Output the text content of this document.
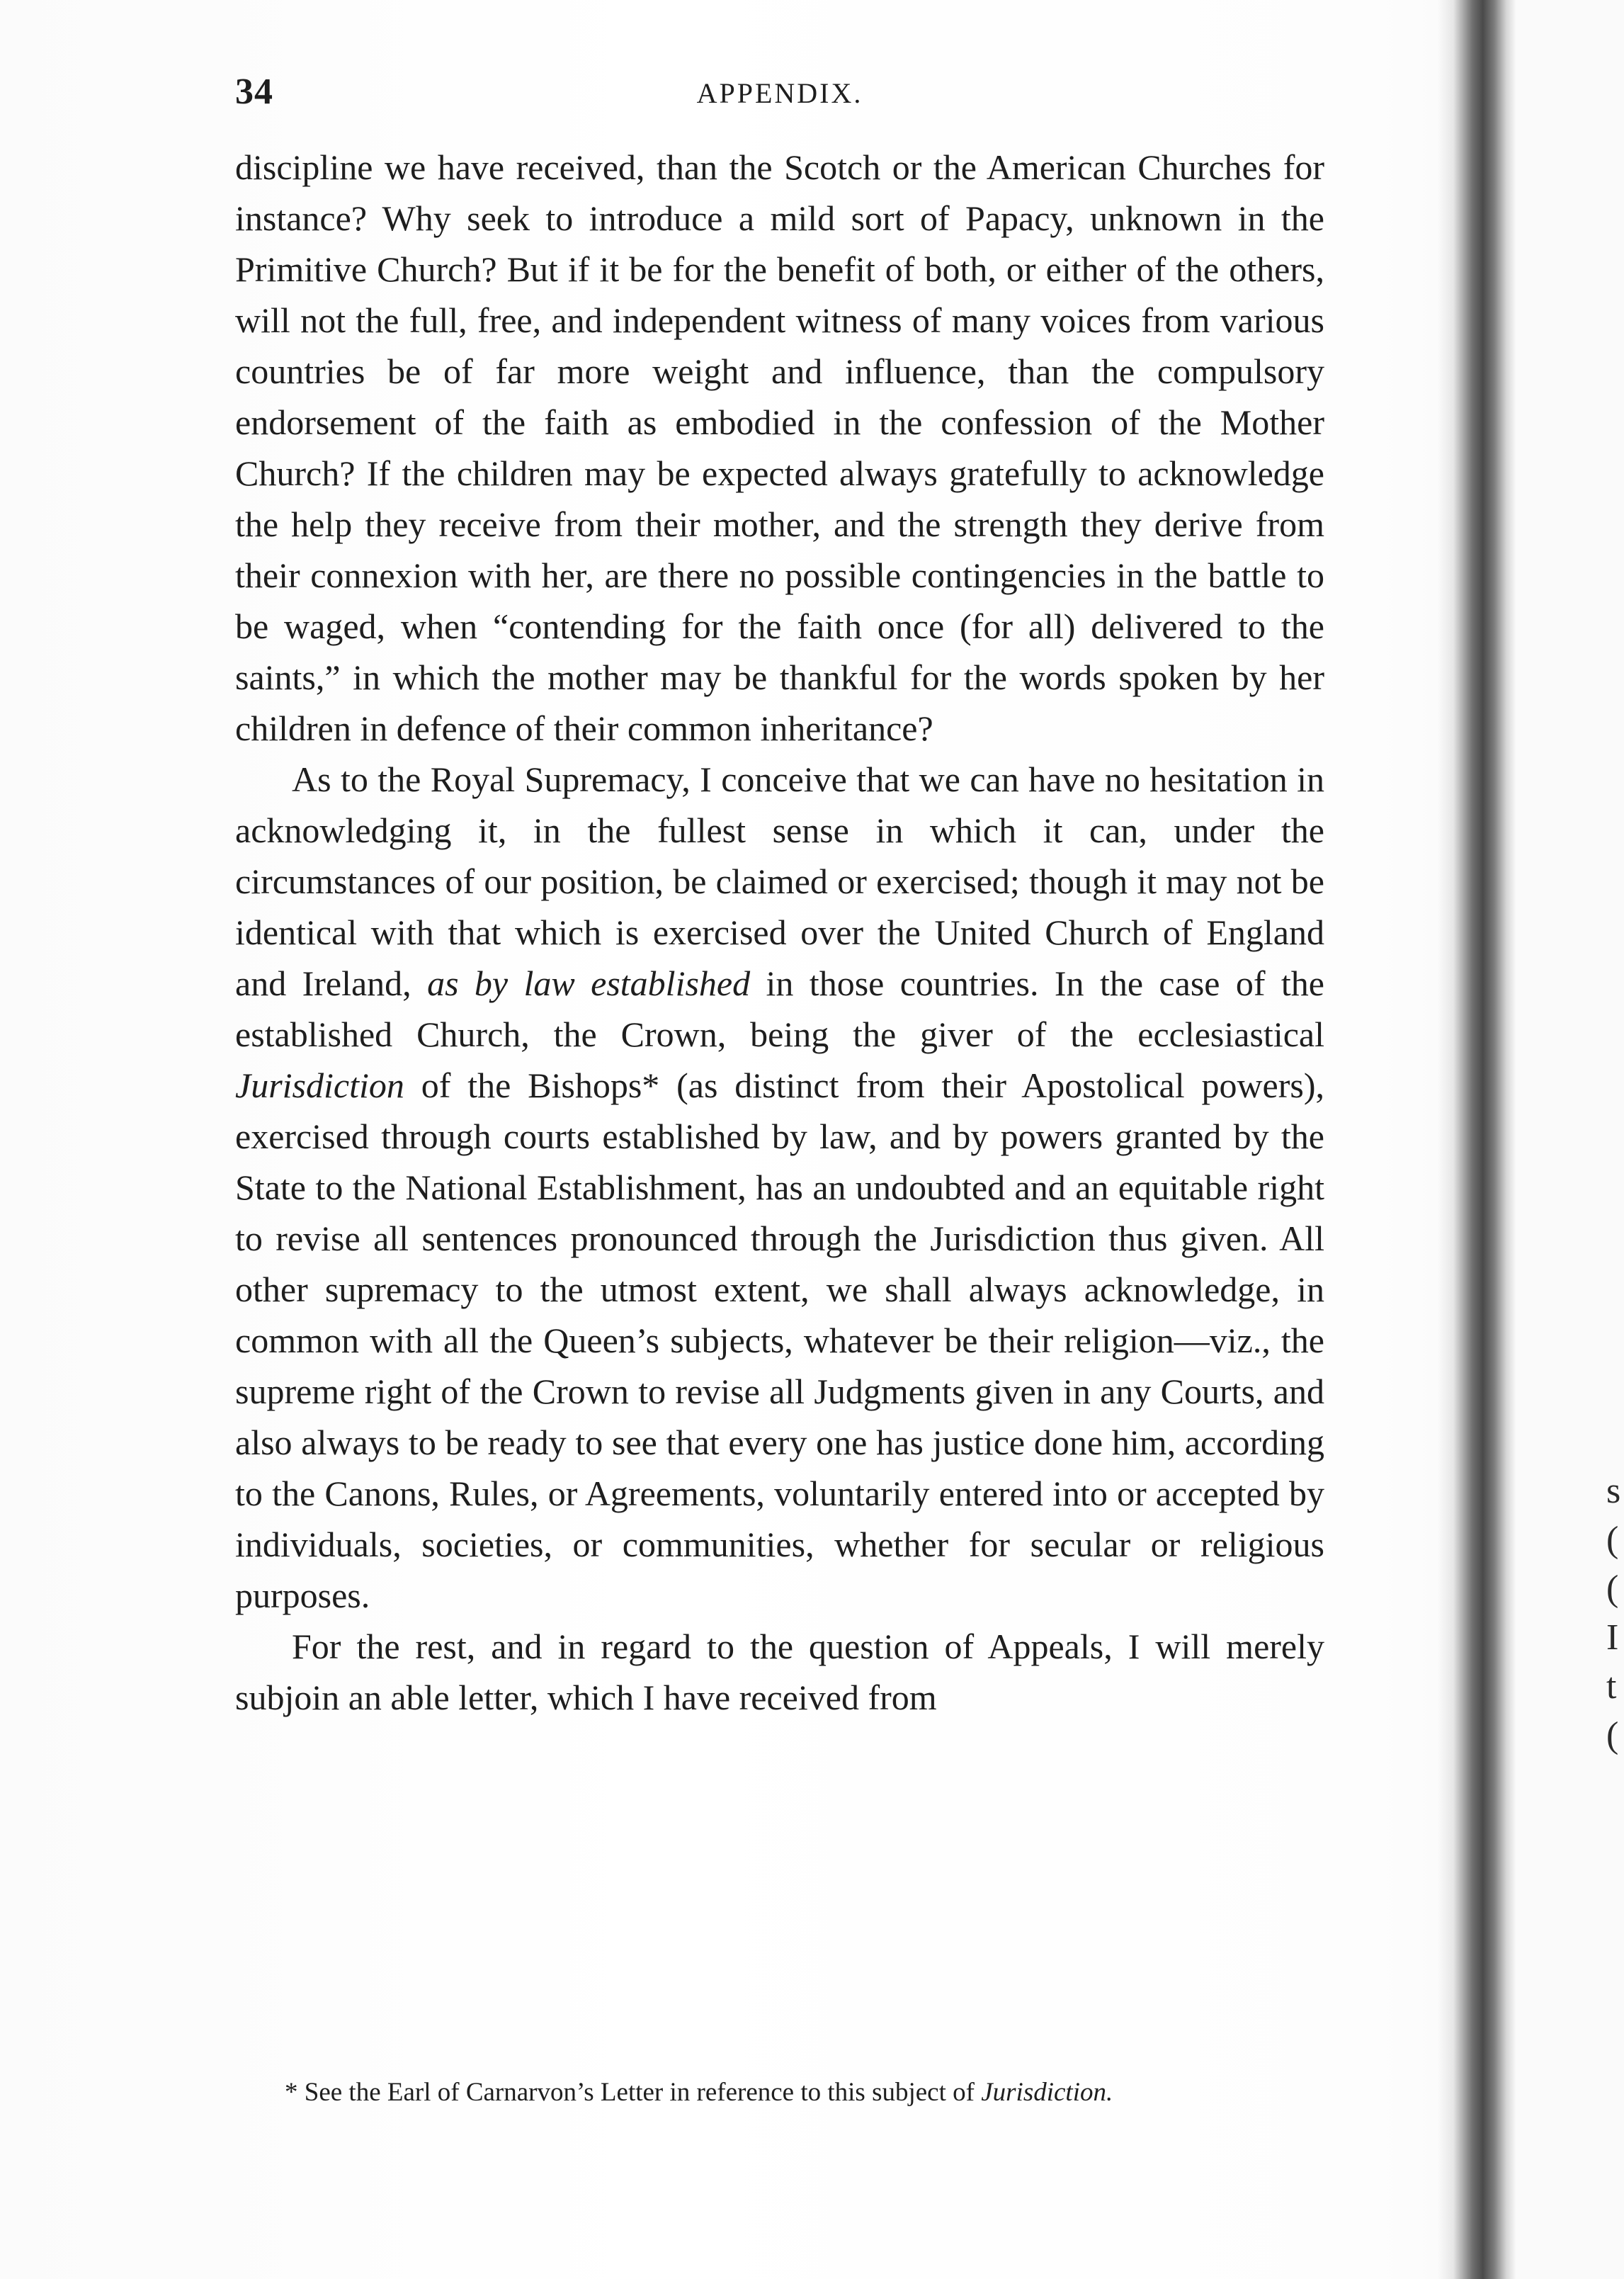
34	APPENDIX.

discipline we have received, than the Scotch or the American Churches for instance? Why seek to introduce a mild sort of Papacy, unknown in the Primitive Church? But if it be for the benefit of both, or either of the others, will not the full, free, and independent witness of many voices from various countries be of far more weight and influence, than the compulsory endorsement of the faith as embodied in the confession of the Mother Church? If the children may be expected always gratefully to acknowledge the help they receive from their mother, and the strength they derive from their connexion with her, are there no possible contingencies in the battle to be waged, when “contending for the faith once (for all) delivered to the saints,” in which the mother may be thankful for the words spoken by her children in defence of their common inheritance?

As to the Royal Supremacy, I conceive that we can have no hesitation in acknowledging it, in the fullest sense in which it can, under the circumstances of our position, be claimed or exercised; though it may not be identical with that which is exercised over the United Church of England and Ireland, as by law established in those countries. In the case of the established Church, the Crown, being the giver of the ecclesiastical Jurisdiction of the Bishops* (as distinct from their Apostolical powers), exercised through courts established by law, and by powers granted by the State to the National Establishment, has an undoubted and an equitable right to revise all sentences pronounced through the Jurisdiction thus given. All other supremacy to the utmost extent, we shall always acknowledge, in common with all the Queen’s subjects, whatever be their religion—viz., the supreme right of the Crown to revise all Judgments given in any Courts, and also always to be ready to see that every one has justice done him, according to the Canons, Rules, or Agreements, voluntarily entered into or accepted by individuals, societies, or communities, whether for secular or religious purposes.

For the rest, and in regard to the question of Appeals, I will merely subjoin an able letter, which I have received from

* See the Earl of Carnarvon’s Letter in reference to this subject of Jurisdiction.

s
(
(
I
t
(
